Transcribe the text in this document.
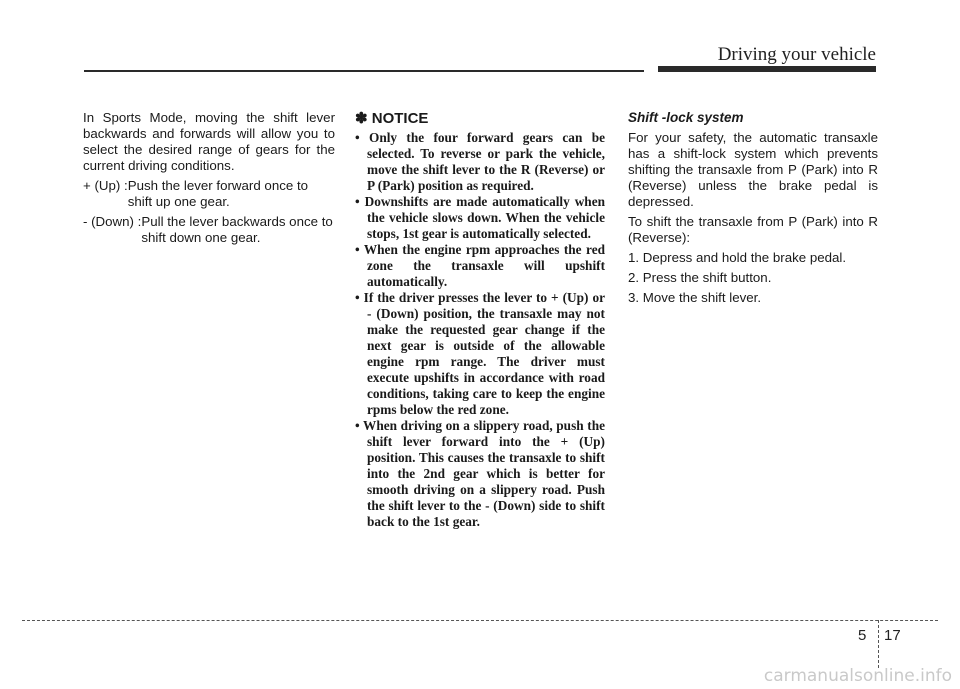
Driving your vehicle

In Sports Mode, moving the shift lever backwards and forwards will allow you to select the desired range of gears for the current driving conditions.

+ (Up) : Push the lever forward once to shift up one gear.
- (Down) : Pull the lever backwards once to shift down one gear.
✽ NOTICE
• Only the four forward gears can be selected. To reverse or park the vehicle, move the shift lever to the R (Reverse) or P (Park) position as required.
• Downshifts are made automatically when the vehicle slows down. When the vehicle stops, 1st gear is automatically selected.
• When the engine rpm approaches the red zone the transaxle will upshift automatically.
• If the driver presses the lever to + (Up) or - (Down) position, the transaxle may not make the requested gear change if the next gear is outside of the allowable engine rpm range. The driver must execute upshifts in accordance with road conditions, taking care to keep the engine rpms below the red zone.
• When driving on a slippery road, push the shift lever forward into the + (Up) position. This causes the transaxle to shift into the 2nd gear which is better for smooth driving on a slippery road. Push the shift lever to the - (Down) side to shift back to the 1st gear.

Shift -lock system

For your safety, the automatic transaxle has a shift-lock system which prevents shifting the transaxle from P (Park) into R (Reverse) unless the brake pedal is depressed.

To shift the transaxle from P (Park) into R (Reverse):

1. Depress and hold the brake pedal.

2. Press the shift button.

3. Move the shift lever.

5 17
carmanualsonline.info
